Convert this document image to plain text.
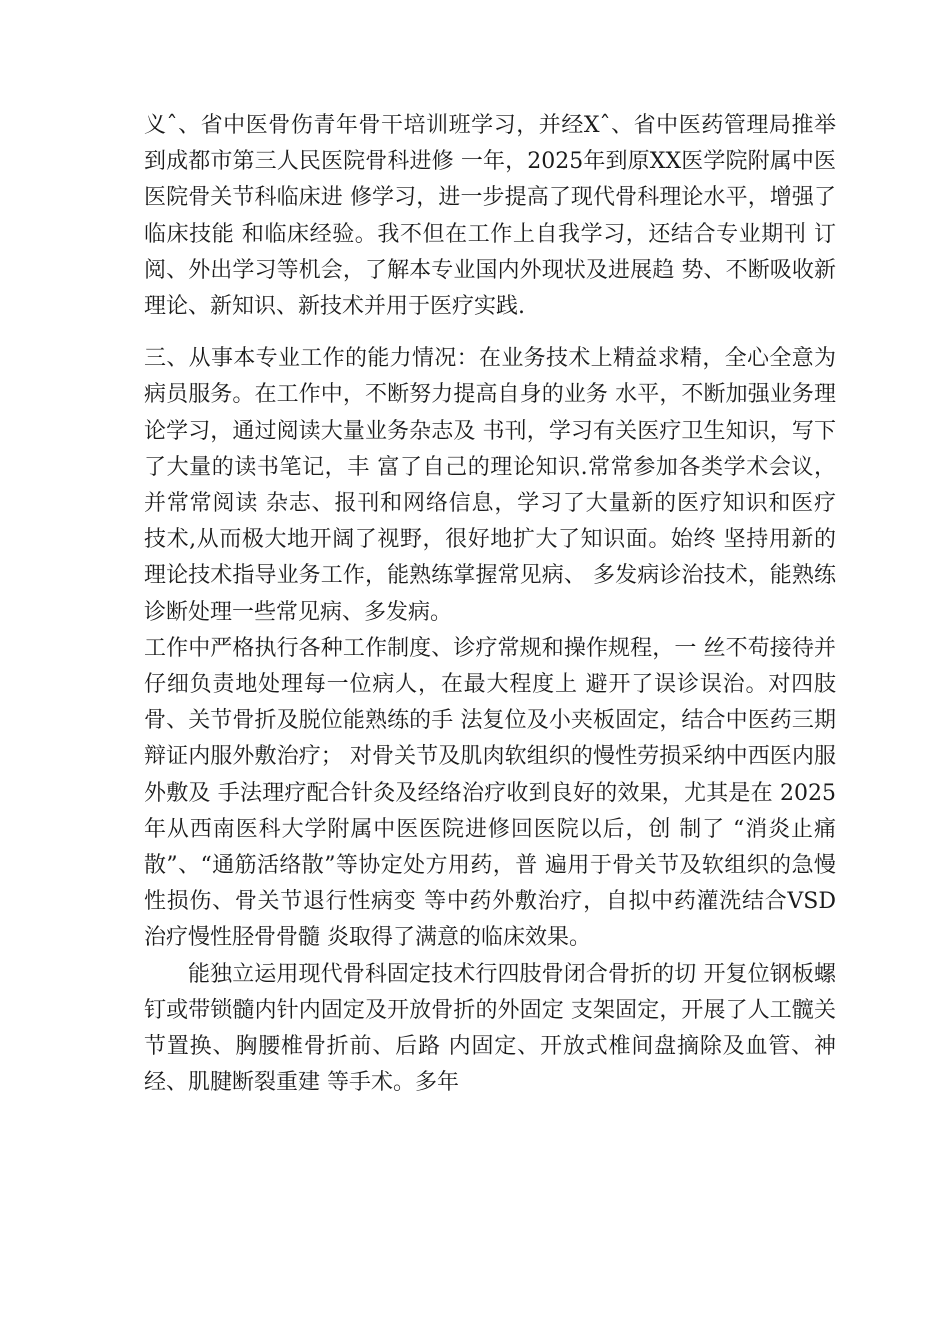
义ˆ、省中医骨伤青年骨干培训班学习，并经Xˆ、省中医药管理局推举到成都市第三人民医院骨科进修 一年，2025年到原XX医学院附属中医医院骨关节科临床进 修学习，进一步提高了现代骨科理论水平，增强了临床技能 和临床经验。我不但在工作上自我学习，还结合专业期刊 订阅、外出学习等机会，了解本专业国内外现状及进展趋 势、不断吸收新理论、新知识、新技术并用于医疗实践.

三、从事本专业工作的能力情况：在业务技术上精益求精，全心全意为病员服务。在工作中，不断努力提高自身的业务 水平，不断加强业务理论学习，通过阅读大量业务杂志及 书刊，学习有关医疗卫生知识，写下了大量的读书笔记，丰 富了自己的理论知识.常常参加各类学术会议，并常常阅读 杂志、报刊和网络信息，学习了大量新的医疗知识和医疗 技术,从而极大地开阔了视野，很好地扩大了知识面。始终 坚持用新的理论技术指导业务工作，能熟练掌握常见病、 多发病诊治技术，能熟练诊断处理一些常见病、多发病。

工作中严格执行各种工作制度、诊疗常规和操作规程，一 丝不苟接待并仔细负责地处理每一位病人，在最大程度上 避开了误诊误治。对四肢骨、关节骨折及脱位能熟练的手 法复位及小夹板固定，结合中医药三期辩证内服外敷治疗； 对骨关节及肌肉软组织的慢性劳损采纳中西医内服外敷及 手法理疗配合针灸及经络治疗收到良好的效果，尤其是在 2025年从西南医科大学附属中医医院进修回医院以后，创 制了 “消炎止痛散”、“通筋活络散”等协定处方用药，普 遍用于骨关节及软组织的急慢性损伤、骨关节退行性病变 等中药外敷治疗，自拟中药灌洗结合VSD治疗慢性胫骨骨髓 炎取得了满意的临床效果。

能独立运用现代骨科固定技术行四肢骨闭合骨折的切 开复位钢板螺钉或带锁髓内针内固定及开放骨折的外固定 支架固定，开展了人工髋关节置换、胸腰椎骨折前、后路 内固定、开放式椎间盘摘除及血管、神经、肌腱断裂重建 等手术。多年
